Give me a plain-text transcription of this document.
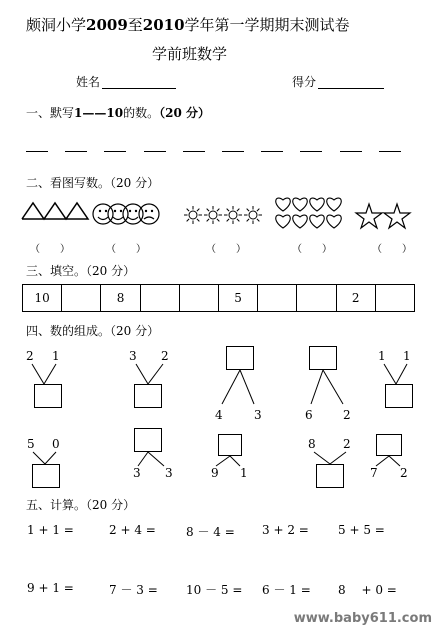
颇洞小学2009至2010学年第一学期期末测试卷
学前班数学
姓名	得分
一、默写1——10的数。（20 分）
二、看图写数。（20 分）
（　　）	（　　）	（　　）	（　　）	（　　）
三、填空。（20 分）
10	8	5	2
四、数的组成。（20 分）
2 1	3 2
4	3	6	2
1 1
5 0
3 3	9 1
8 2
7 2
五、计算。（20 分）
1 + 1 =	2 + 4 =	8 － 4 = 3 + 2 = 5 + 5 =
9 + 1 =	7 － 3 = 10 － 5 = 6 － 1 = 8 　+ 0 =
www.baby611.com
